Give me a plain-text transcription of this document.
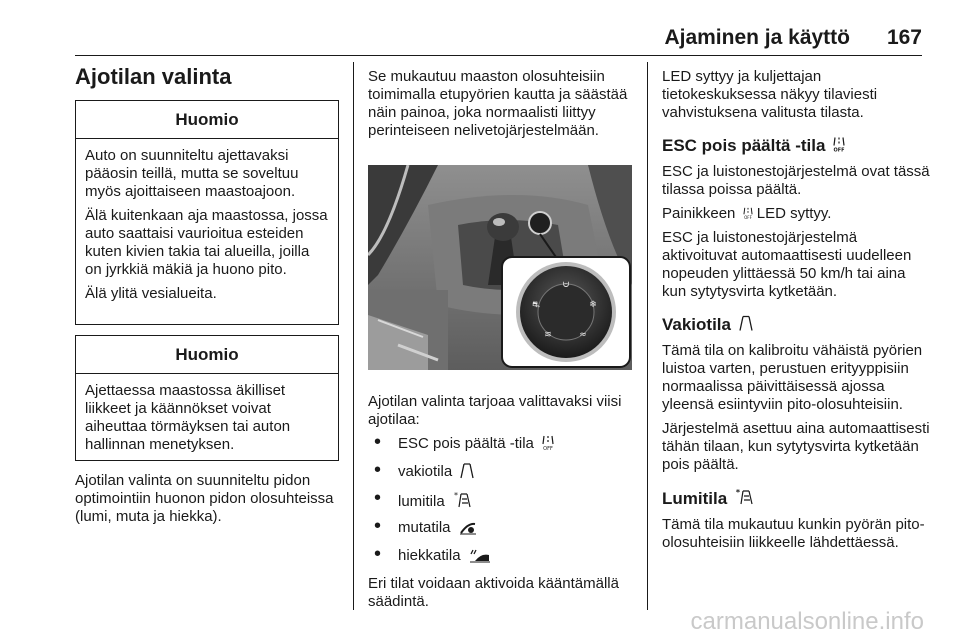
Ajaminen ja käyttö 167
Ajotilan valinta
Huomio

Auto on suunniteltu ajettavaksi pääosin teillä, mutta se soveltuu myös ajoittaiseen maastoajoon.

Älä kuitenkaan aja maastossa, jossa auto saattaisi vaurioitua esteiden kuten kivien takia tai alueilla, joilla on jyrkkiä mäkiä ja huono pito.

Älä ylitä vesialueita.

Huomio

Ajettaessa maastossa äkilliset liikkeet ja käännökset voivat aiheuttaa törmäyksen tai auton hallinnan menetyksen.

Ajotilan valinta on suunniteltu pidon optimointiin huonon pidon olosuhteissa (lumi, muta ja hiekka).

Se mukautuu maaston olosuhteisiin toimimalla etupyörien kautta ja säästää näin painoa, joka normaalisti liittyy perinteiseen nelivetojärjestelmään.

⩁
⛐	❄
≋	≈

Ajotilan valinta tarjoaa valittavaksi viisi ajotilaa:

• ESC pois päältä -tila OFF
• vakiotila
• lumitila *
• mutatila
• hiekkatila

Eri tilat voidaan aktivoida kääntämällä säädintä.

LED syttyy ja kuljettajan tietokeskuksessa näkyy tilaviesti vahvistuksena valitusta tilasta.

ESC pois päältä -tila OFF

ESC ja luistonestojärjestelmä ovat tässä tilassa poissa päältä.

Painikkeen OFF LED syttyy.

ESC ja luistonestojärjestelmä aktivoituvat automaattisesti uudelleen nopeuden ylittäessä 50 km/h tai aina kun sytytysvirta kytketään.

Vakiotila

Tämä tila on kalibroitu vähäistä pyörien luistoa varten, perustuen erityyppisiin normaalissa päivittäisessä ajossa yleensä esiintyviin pito-olosuhteisiin.

Järjestelmä asettuu aina automaattisesti tähän tilaan, kun sytytysvirta kytketään pois päältä.

Lumitila *

Tämä tila mukautuu kunkin pyörän pito-olosuhteisiin liikkeelle lähdettäessä.

carmanualsonline.info
